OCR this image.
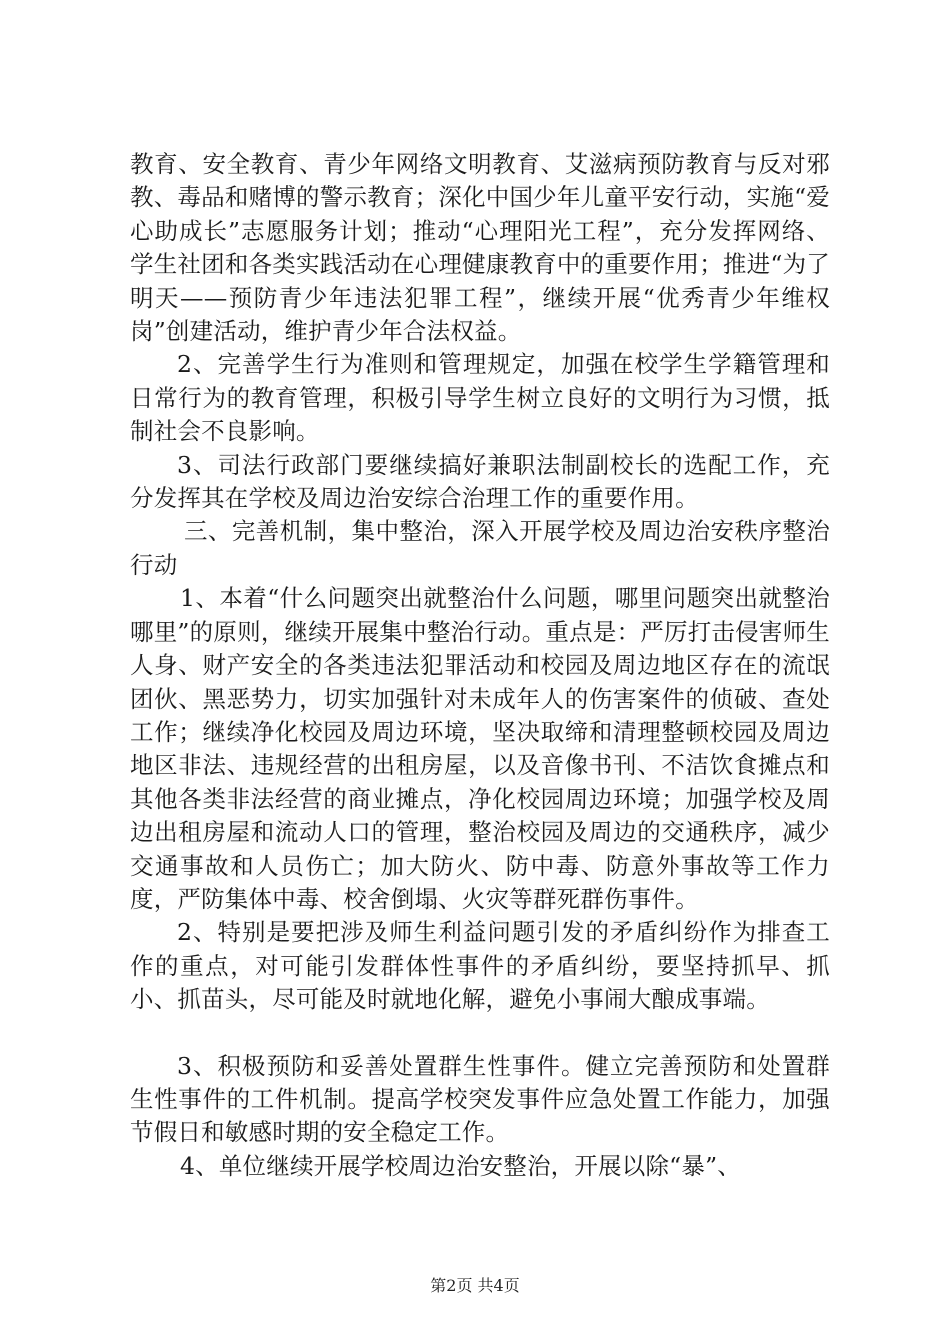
教育、安全教育、青少年网络文明教育、艾滋病预防教育与反对邪教、毒品和赌博的警示教育；深化中国少年儿童平安行动，实施“爱心助成长”志愿服务计划；推动“心理阳光工程”，充分发挥网络、学生社团和各类实践活动在心理健康教育中的重要作用；推进“为了明天——预防青少年违法犯罪工程”，继续开展“优秀青少年维权岗”创建活动，维护青少年合法权益。

2、完善学生行为准则和管理规定，加强在校学生学籍管理和日常行为的教育管理，积极引导学生树立良好的文明行为习惯，抵制社会不良影响。

3、司法行政部门要继续搞好兼职法制副校长的选配工作，充分发挥其在学校及周边治安综合治理工作的重要作用。

三、完善机制，集中整治，深入开展学校及周边治安秩序整治行动

1、本着“什么问题突出就整治什么问题，哪里问题突出就整治哪里”的原则，继续开展集中整治行动。重点是：严厉打击侵害师生人身、财产安全的各类违法犯罪活动和校园及周边地区存在的流氓团伙、黑恶势力，切实加强针对未成年人的伤害案件的侦破、查处工作；继续净化校园及周边环境，坚决取缔和清理整顿校园及周边地区非法、违规经营的出租房屋，以及音像书刊、不洁饮食摊点和其他各类非法经营的商业摊点，净化校园周边环境；加强学校及周边出租房屋和流动人口的管理，整治校园及周边的交通秩序，减少交通事故和人员伤亡；加大防火、防中毒、防意外事故等工作力度，严防集体中毒、校舍倒塌、火灾等群死群伤事件。

2、特别是要把涉及师生利益问题引发的矛盾纠纷作为排查工作的重点，对可能引发群体性事件的矛盾纠纷，要坚持抓早、抓小、抓苗头，尽可能及时就地化解，避免小事闹大酿成事端。

3、积极预防和妥善处置群生性事件。健立完善预防和处置群生性事件的工件机制。提高学校突发事件应急处置工作能力，加强节假日和敏感时期的安全稳定工作。

4、单位继续开展学校周边治安整治，开展以除“暴”、

第2页 共4页
